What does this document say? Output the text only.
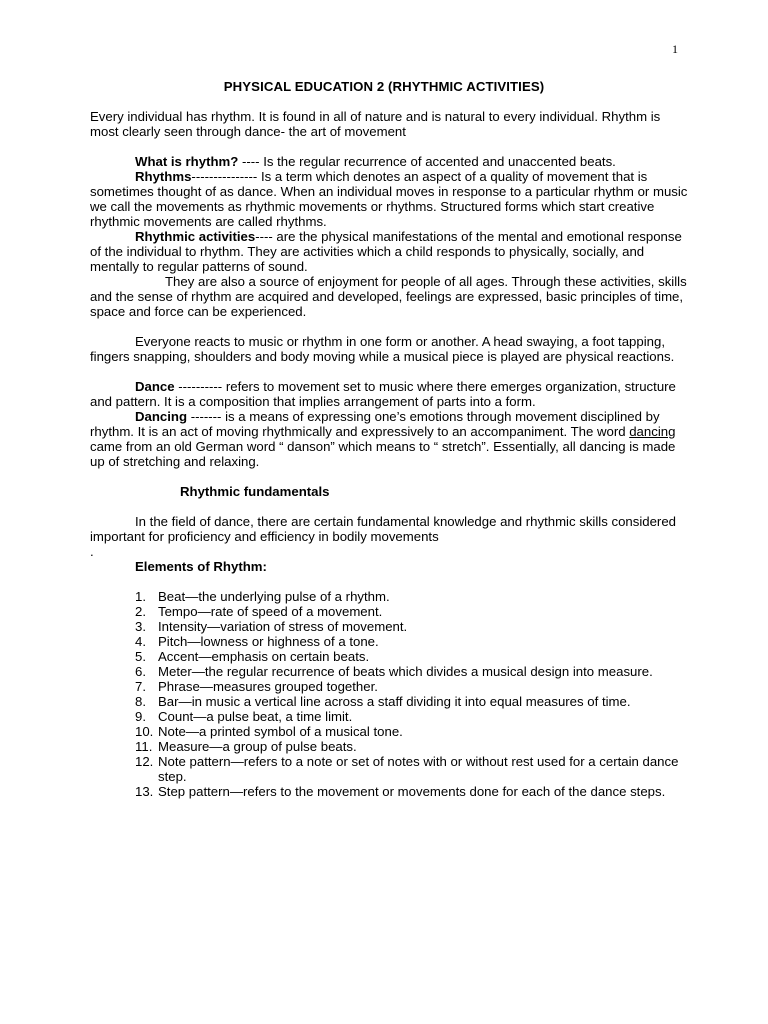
1
PHYSICAL EDUCATION 2 (RHYTHMIC ACTIVITIES)

Every individual has rhythm. It is found in all of nature and is natural to every individual. Rhythm is most clearly seen through dance- the art of movement

What is rhythm? ---- Is the regular recurrence of accented and unaccented beats.

Rhythms--------------- Is a term which denotes an aspect of a quality of movement that is sometimes thought of as dance. When an individual moves in response to a particular rhythm or music we call the movements as rhythmic movements or rhythms. Structured forms which start creative rhythmic movements are called rhythms.

Rhythmic activities---- are the physical manifestations of the mental and emotional response of the individual to rhythm. They are activities which a child responds to physically, socially, and mentally to regular patterns of sound.

They are also a source of enjoyment for people of all ages. Through these activities, skills and the sense of rhythm are acquired and developed, feelings are expressed, basic principles of time, space and force can be experienced.

Everyone reacts to music or rhythm in one form or another. A head swaying, a foot tapping, fingers snapping, shoulders and body moving while a musical piece is played are physical reactions.

Dance ---------- refers to movement set to music where there emerges organization, structure and pattern. It is a composition that implies arrangement of parts into a form.

Dancing ------- is a means of expressing one’s emotions through movement disciplined by rhythm. It is an act of moving rhythmically and expressively to an accompaniment. The word dancing came from an old German word “ danson” which means to “ stretch”. Essentially, all dancing is made up of stretching and relaxing.

Rhythmic fundamentals

In the field of dance, there are certain fundamental knowledge and rhythmic skills considered important for proficiency and efficiency in bodily movements

.

Elements of Rhythm:

1. Beat—the underlying pulse of a rhythm.
2. Tempo—rate of speed of a movement.
3. Intensity—variation of stress of movement.
4. Pitch—lowness or highness of a tone.
5. Accent—emphasis on certain beats.
6. Meter—the regular recurrence of beats which divides a musical design into measure.
7. Phrase—measures grouped together.
8. Bar—in music a vertical line across a staff dividing it into equal measures of time.
9. Count—a pulse beat, a time limit.
10. Note—a printed symbol of a musical tone.
11. Measure—a group of pulse beats.
12. Note pattern—refers to a note or set of notes with or without rest used for a certain dance step.
13. Step pattern—refers to the movement or movements done for each of the dance steps.
